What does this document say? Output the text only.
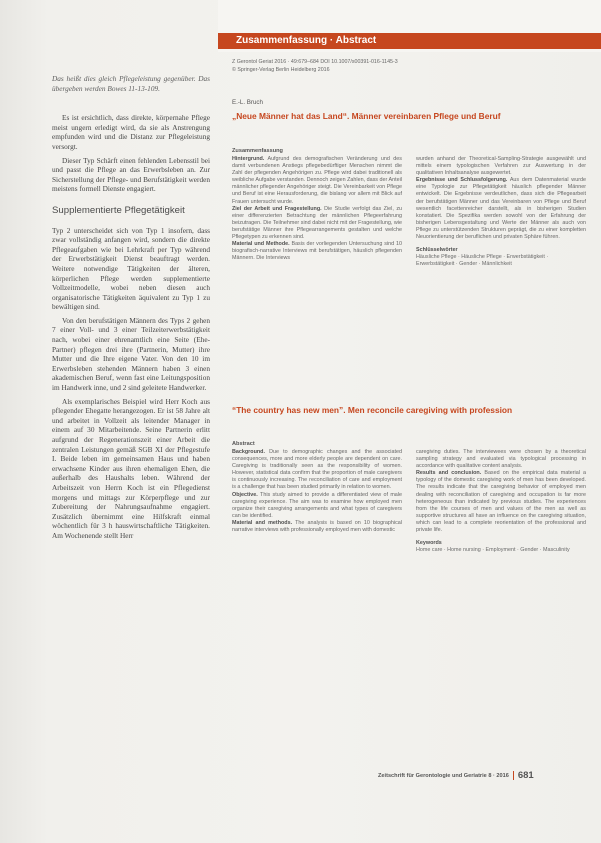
Zusammenfassung · Abstract

Das heißt dies gleich Pflegeleistung gegenüber. Das übergeben werden Bowes 11-13-109.

Es ist ersichtlich, dass direkte, körpernahe Pflege meist ungern erledigt wird, da sie als Anstrengung empfunden wird und die Distanz zur Pflegeleistung versorgt.

Dieser Typ Schärft einen fehlenden Lebensstil bei und passt die Pflege an das Erwerbsleben an. Zur Sicherstellung der Pflege- und Berufstätigkeit werden meistens formell Dienste engagiert.

Supplementierte Pflegetätigkeit

Typ 2 unterscheidet sich von Typ 1 insofern, dass zwar vollständig anfangen wird, sondern die direkte Pflegeaufgaben wie bei Lehrkraft per Typ während der Erwerbstätigkeit Dienst beauftragt werden. Weitere notwendige Tätigkeiten der älteren, körperlichen Pflege werden supplementierte Vollzeitmodelle, wobei neben diesen auch organisatorische Tätigkeiten äquivalent zu Typ 1 zu bewältigen sind.

Von den berufstätigen Männern des Typs 2 gehen 7 einer Voll- und 3 einer Teilzeiterwerbstätigkeit nach, wobei einer ehrenamtlich eine Seite (Ehe-Partner) pflegen drei ihre (Partnerin, Mutter) ihre Mutter und die Ihre eigene Vater. Von den 10 im Erwerbsleben stehenden Männern haben 3 einen akademischen Beruf, wenn fast eine Leitungsposition im Handwerk inne, und 2 sind geleitete Handwerker.

Als exemplarisches Beispiel wird Herr Koch aus pflegender Ehegatte herangezogen. Er ist 58 Jahre alt und arbeitet in Vollzeit als leitender Manager in einem auf 30 Mitarbeitende. Seine Partnerin erlitt aufgrund der Regenerationszeit einer Arbeit die zentralen Leistungen gemäß SGB XI der Pflegestufe I. Beide leben im gemeinsamen Haus und haben erwachsene Kinder aus ihren ehemaligen Ehen, die außerhalb des Haushalts leben. Während der Arbeitszeit von Herrn Koch ist ein Pflegedienst morgens und mittags zur Körperpflege und zur Zubereitung der Nahrungsaufnahme engagiert. Zusätzlich übernimmt eine Hilfskraft einmal wöchentlich für 3 h hauswirtschaftliche Tätigkeiten. Am Wochenende stellt Herr

Z Gerontol Geriat 2016 · 49:679–684 DOI 10.1007/s00391-016-1145-3
© Springer-Verlag Berlin Heidelberg 2016
E.-L. Bruch
„Neue Männer hat das Land“. Männer vereinbaren Pflege und Beruf
Zusammenfassung

Hintergrund. Aufgrund des demografischen Veränderung und des damit verbundenen Anstiegs pflegebedürftiger Menschen nimmt die Zahl der pflegenden Angehörigen zu. Pflege wird dabei traditionell als weibliche Aufgabe verstanden. Dennoch zeigen Zahlen, dass der Anteil männlicher pflegender Angehöriger steigt. Die Vereinbarkeit von Pflege und Beruf ist eine Herausforderung, die bislang vor allem mit Blick auf Frauen untersucht wurde.

Ziel der Arbeit und Fragestellung. Die Studie verfolgt das Ziel, zu einer differenzierten Betrachtung der männlichen Pflegeerfahrung beizutragen. Die Teilnehmer sind dabei nicht mit der Fragestellung, wie berufstätige Männer ihre Pflegearrangements gestalten und welche Pflegetypen zu erkennen sind.

Material und Methode. Basis der vorliegenden Untersuchung sind 10 biografisch-narrative Interviews mit berufstätigen, häuslich pflegenden Männern. Die Interviews

wurden anhand der Theoretical-Sampling-Strategie ausgewählt und mittels einem typologischen Verfahren zur Auswertung in der qualitativen Inhaltsanalyse ausgewertet.

Ergebnisse und Schlussfolgerung. Aus dem Datenmaterial wurde eine Typologie zur Pflegetätigkeit häuslich pflegender Männer entwickelt. Die Ergebnisse verdeutlichen, dass sich die Pflegearbeit der berufstätigen Männer und das Vereinbaren von Pflege und Beruf wesentlich facettenreicher darstellt, als in bisherigen Studien konstatiert. Die Spezifika werden sowohl von der Erfahrung der bisherigen Lebensgestaltung und Werte der Männer als auch von Pflege zu unterstützenden Strukturen geprägt, die zu einer kompletten Neuorientierung der beruflichen und privaten Sphäre führen.

Schlüsselwörter
Häusliche Pflege · Häusliche Pflege · Erwerbstätigkeit · Erwerbstätigkeit · Gender · Männlichkeit
“The country has new men”. Men reconcile caregiving with profession
Abstract

Background. Due to demographic changes and the associated consequences, more and more elderly people are dependent on care. Caregiving is traditionally seen as the responsibility of women. However, statistical data confirm that the proportion of male caregivers is continuously increasing. The reconciliation of care and employment is a challenge that has been studied primarily in relation to women.

Objective. This study aimed to provide a differentiated view of male caregiving experience. The aim was to examine how employed men organize their caregiving arrangements and what types of caregivers can be identified.

Material and methods. The analysis is based on 10 biographical narrative interviews with professionally employed men with domestic

caregiving duties. The interviewees were chosen by a theoretical sampling strategy and evaluated via typological processing in accordance with qualitative content analysis.

Results and conclusion. Based on the empirical data material a typology of the domestic caregiving work of men has been developed. The results indicate that the caregiving behavior of employed men dealing with reconciliation of caregiving and occupation is far more heterogeneous than indicated by previous studies. The experiences from the life courses of men and values of the men as well as supportive structures all have an influence on the caregiving situation, which can lead to a complete reorientation of the professional and private life.

Keywords
Home care · Home nursing · Employment · Gender · Masculinity
Zeitschrift für Gerontologie und Geriatrie 8 · 2016 681
